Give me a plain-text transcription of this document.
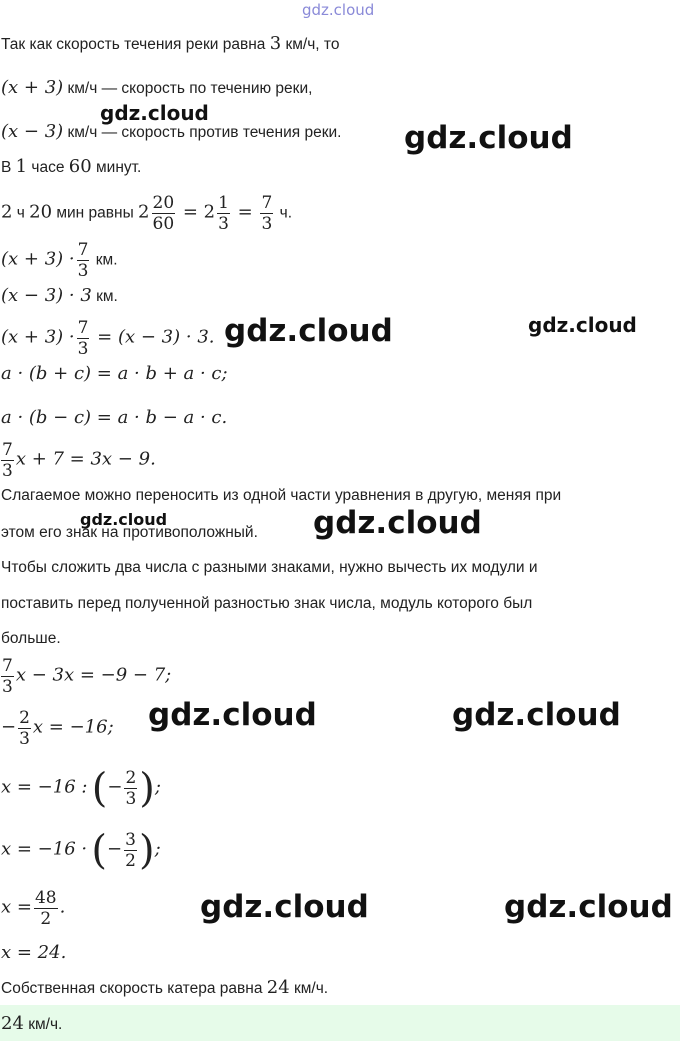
gdz.cloud
Так как скорость течения реки равна 3 км/ч, то
(x + 3) км/ч — скорость по течению реки,
(x − 3) км/ч — скорость против течения реки.
В 1 часе 60 минут.
2 ч 20 мин равны $2 \frac{20}{60} = 2 \frac{1}{3} = \frac{7}{3} ч$.
$(x + 3) \cdot \frac{7}{3}$ км.
(x − 3) · 3 км.
$(x + 3) \cdot \frac{7}{3} = (x - 3) \cdot 3$.
a · (b + c) = a · b + a · c;
a · (b − c) = a · b − a · c.
$\frac{7}{3}$ x + 7 = 3x − 9.
Слагаемое можно переносить из одной части уравнения в другую, меняя при
этом его знак на противоположный.
Чтобы сложить два числа с разными знаками, нужно вычесть их модули и
поставить перед полученной разностью знак числа, модуль которого был
больше.
$\frac{7}{3}$ x − 3x = −9 − 7;
− $\frac{2}{3}$ x = −16;
x = −16 : (− $\frac{2}{3}$ );
x = −16 · (− $\frac{3}{2}$ );
$x = \frac{48}{2}$ .
x = 24.
Собственная скорость катера равна 24 км/ч.
24 км/ч.
gdz.cloud
gdz.cloud
gdz.cloud	gdz.cloud
gdz.cloud	gdz.cloud
gdz.cloud	gdz.cloud
gdz.cloud	gdz.cloud
